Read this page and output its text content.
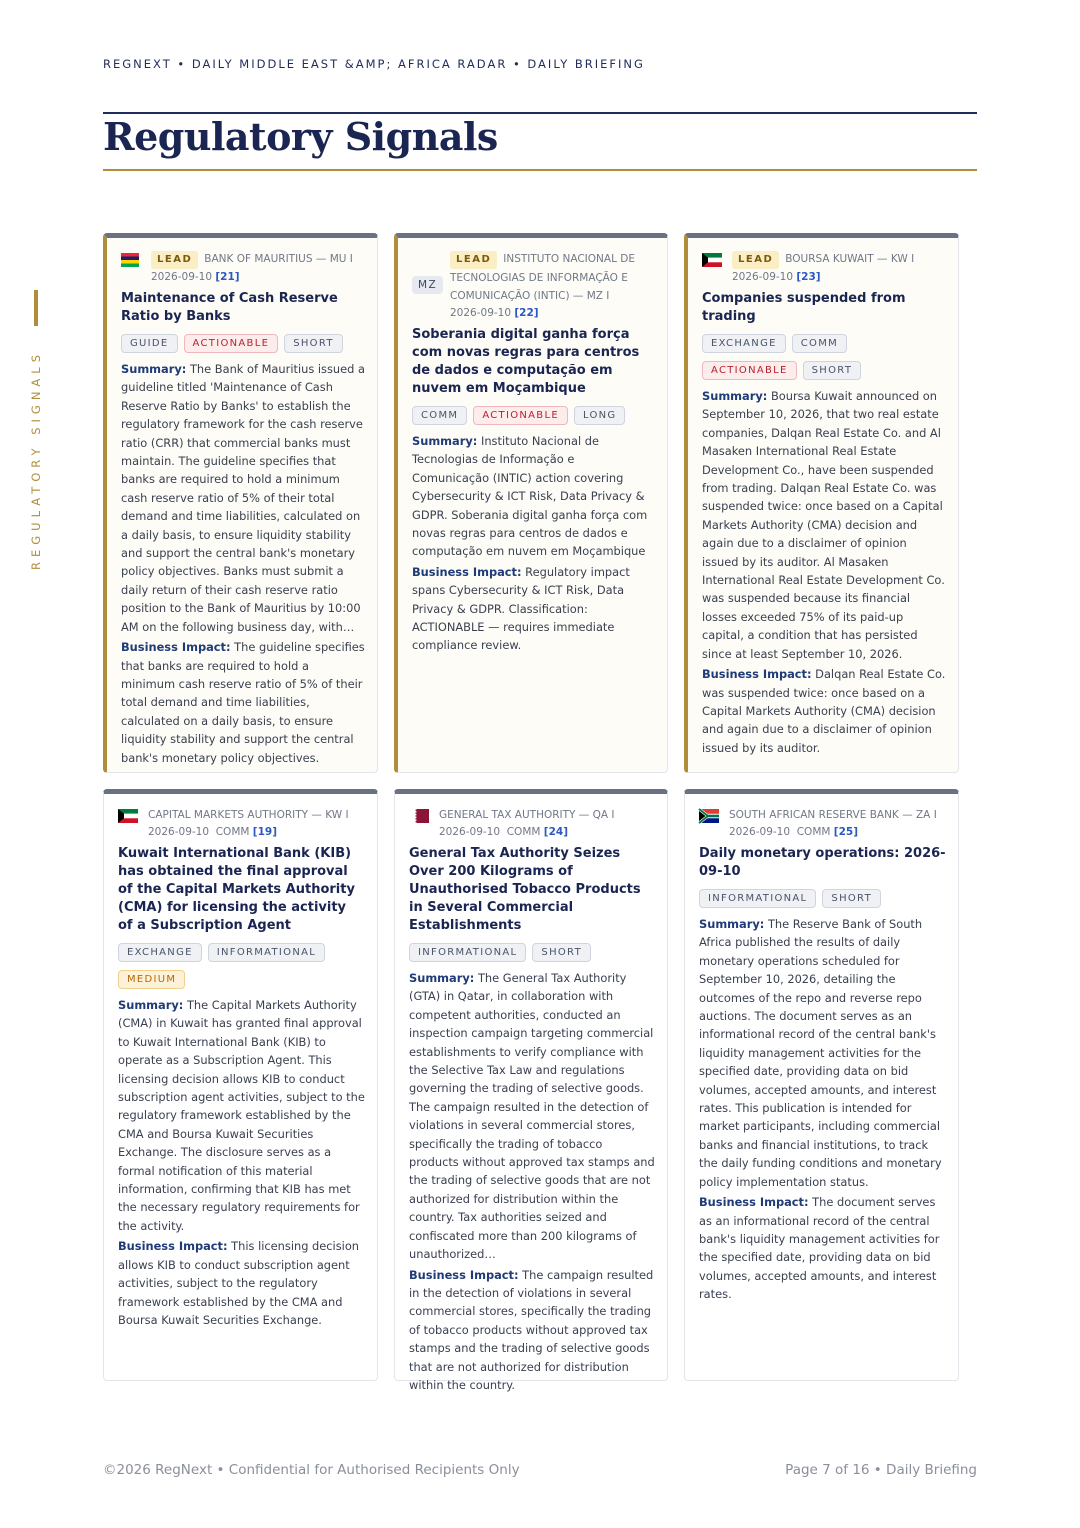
REGNEXT • DAILY MIDDLE EAST &AMP; AFRICA RADAR • DAILY BRIEFING
Regulatory Signals
REGULATORY SIGNALS
LEAD BANK OF MAURITIUS — MU I
2026-09-10 [21]
Maintenance of Cash Reserve Ratio by Banks
GUIDE ACTIONABLE SHORT

Summary: The Bank of Mauritius issued a guideline titled 'Maintenance of Cash Reserve Ratio by Banks' to establish the regulatory framework for the cash reserve ratio (CRR) that commercial banks must maintain. The guideline specifies that banks are required to hold a minimum cash reserve ratio of 5% of their total demand and time liabilities, calculated on a daily basis, to ensure liquidity stability and support the central bank's monetary policy objectives. Banks must submit a daily return of their cash reserve ratio position to the Bank of Mauritius by 10:00 AM on the following business day, with…

Business Impact: The guideline specifies that banks are required to hold a minimum cash reserve ratio of 5% of their total demand and time liabilities, calculated on a daily basis, to ensure liquidity stability and support the central bank's monetary policy objectives.

MZ
LEAD INSTITUTO NACIONAL DE TECNOLOGIAS DE INFORMAÇÃO E COMUNICAÇÃO (INTIC) — MZ I
2026-09-10 [22]
Soberania digital ganha força com novas regras para centros de dados e computação em nuvem em Moçambique
COMM ACTIONABLE LONG

Summary: Instituto Nacional de Tecnologias de Informação e Comunicação (INTIC) action covering Cybersecurity & ICT Risk, Data Privacy & GDPR. Soberania digital ganha força com novas regras para centros de dados e computação em nuvem em Moçambique

Business Impact: Regulatory impact spans Cybersecurity & ICT Risk, Data Privacy & GDPR. Classification: ACTIONABLE — requires immediate compliance review.

LEAD BOURSA KUWAIT — KW I
2026-09-10 [23]
Companies suspended from trading
EXCHANGE COMMACTIONABLE SHORT

Summary: Boursa Kuwait announced on September 10, 2026, that two real estate companies, Dalqan Real Estate Co. and Al Masaken International Real Estate Development Co., have been suspended from trading. Dalqan Real Estate Co. was suspended twice: once based on a Capital Markets Authority (CMA) decision and again due to a disclaimer of opinion issued by its auditor. Al Masaken International Real Estate Development Co. was suspended because its financial losses exceeded 75% of its paid-up capital, a condition that has persisted since at least September 10, 2026.

Business Impact: Dalqan Real Estate Co. was suspended twice: once based on a Capital Markets Authority (CMA) decision and again due to a disclaimer of opinion issued by its auditor.

CAPITAL MARKETS AUTHORITY — KW I
2026-09-10 COMM [19]
Kuwait International Bank (KIB) has obtained the final approval of the Capital Markets Authority (CMA) for licensing the activity of a Subscription Agent
EXCHANGE INFORMATIONALMEDIUM

Summary: The Capital Markets Authority (CMA) in Kuwait has granted final approval to Kuwait International Bank (KIB) to operate as a Subscription Agent. This licensing decision allows KIB to conduct subscription agent activities, subject to the regulatory framework established by the CMA and Boursa Kuwait Securities Exchange. The disclosure serves as a formal notification of this material information, confirming that KIB has met the necessary regulatory requirements for the activity.

Business Impact: This licensing decision allows KIB to conduct subscription agent activities, subject to the regulatory framework established by the CMA and Boursa Kuwait Securities Exchange.

GENERAL TAX AUTHORITY — QA I
2026-09-10 COMM [24]
General Tax Authority Seizes Over 200 Kilograms of Unauthorised Tobacco Products in Several Commercial Establishments
INFORMATIONAL SHORT

Summary: The General Tax Authority (GTA) in Qatar, in collaboration with competent authorities, conducted an inspection campaign targeting commercial establishments to verify compliance with the Selective Tax Law and regulations governing the trading of selective goods. The campaign resulted in the detection of violations in several commercial stores, specifically the trading of tobacco products without approved tax stamps and the trading of selective goods that are not authorized for distribution within the country. Tax authorities seized and confiscated more than 200 kilograms of unauthorized…

Business Impact: The campaign resulted in the detection of violations in several commercial stores, specifically the trading of tobacco products without approved tax stamps and the trading of selective goods that are not authorized for distribution within the country.

SOUTH AFRICAN RESERVE BANK — ZA I
2026-09-10 COMM [25]
Daily monetary operations: 2026-09-10
INFORMATIONAL SHORT

Summary: The Reserve Bank of South Africa published the results of daily monetary operations scheduled for September 10, 2026, detailing the outcomes of the repo and reverse repo auctions. The document serves as an informational record of the central bank's liquidity management activities for the specified date, providing data on bid volumes, accepted amounts, and interest rates. This publication is intended for market participants, including commercial banks and financial institutions, to track the daily funding conditions and monetary policy implementation status.

Business Impact: The document serves as an informational record of the central bank's liquidity management activities for the specified date, providing data on bid volumes, accepted amounts, and interest rates.

©2026 RegNext • Confidential for Authorised Recipients Only	Page 7 of 16 • Daily Briefing
